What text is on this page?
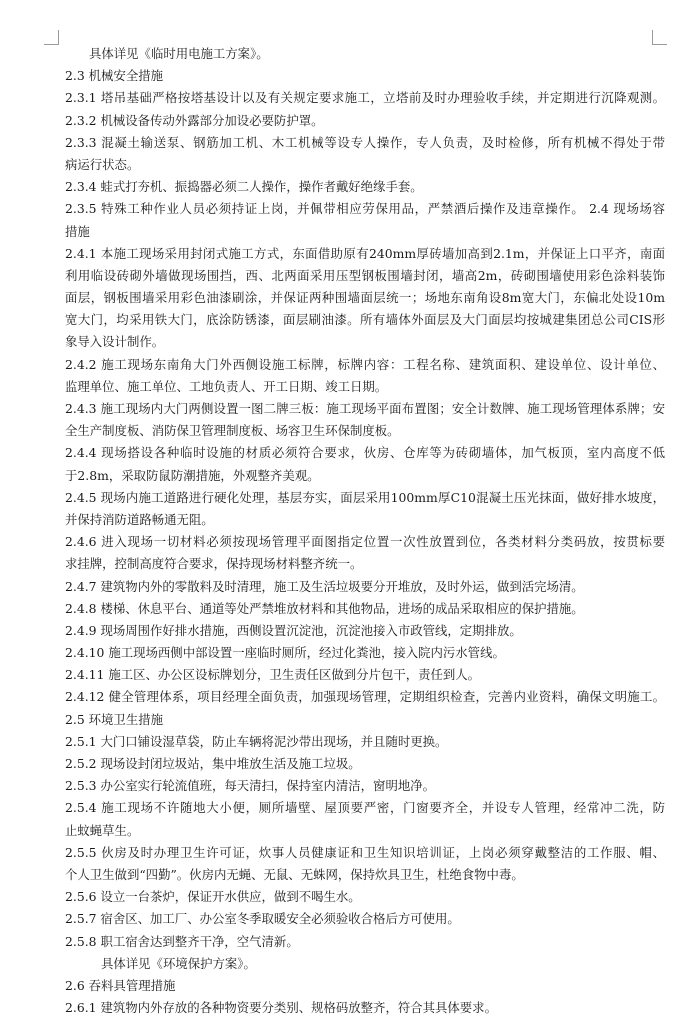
具体详见《临时用电施工方案》。
2.3 机械安全措施
2.3.1 塔吊基础严格按塔基设计以及有关规定要求施工，立塔前及时办理验收手续，并定期进行沉降观测。
2.3.2 机械设备传动外露部分加设必要防护罩。
2.3.3 混凝土输送泵、钢筋加工机、木工机械等设专人操作，专人负责，及时检修，所有机械不得处于带
病运行状态。
2.3.4 蛙式打夯机、振捣器必须二人操作，操作者戴好绝缘手套。
2.3.5 特殊工种作业人员必须持证上岗，并佩带相应劳保用品，严禁酒后操作及违章操作。 2.4 现场场容
措施
2.4.1 本施工现场采用封闭式施工方式，东面借助原有240mm厚砖墙加高到2.1m，并保证上口平齐，南面
利用临设砖砌外墙做现场围挡，西、北两面采用压型钢板围墙封闭，墙高2m，砖砌围墙使用彩色涂料装饰
面层，钢板围墙采用彩色油漆刷涂，并保证两种围墙面层统一；场地东南角设8m宽大门，东偏北处设10m
宽大门，均采用铁大门，底涂防锈漆，面层刷油漆。所有墙体外面层及大门面层均按城建集团总公司CIS形
象导入设计制作。
2.4.2 施工现场东南角大门外西侧设施工标牌，标牌内容：工程名称、建筑面积、建设单位、设计单位、
监理单位、施工单位、工地负责人、开工日期、竣工日期。
2.4.3 施工现场内大门两侧设置一图二牌三板：施工现场平面布置图；安全计数牌、施工现场管理体系牌；安
全生产制度板、消防保卫管理制度板、场容卫生环保制度板。
2.4.4 现场搭设各种临时设施的材质必须符合要求，伙房、仓库等为砖砌墙体，加气板顶，室内高度不低
于2.8m，采取防鼠防潮措施，外观整齐美观。
2.4.5 现场内施工道路进行硬化处理，基层夯实，面层采用100mm厚C10混凝土压光抹面，做好排水坡度，
并保持消防道路畅通无阻。
2.4.6 进入现场一切材料必须按现场管理平面图指定位置一次性放置到位，各类材料分类码放，按贯标要
求挂牌，控制高度符合要求，保持现场材料整齐统一。
2.4.7 建筑物内外的零散料及时清理，施工及生活垃圾要分开堆放，及时外运，做到活完场清。
2.4.8 楼梯、休息平台、通道等处严禁堆放材料和其他物品，进场的成品采取相应的保护措施。
2.4.9 现场周围作好排水措施，西侧设置沉淀池，沉淀池接入市政管线，定期排放。
2.4.10 施工现场西侧中部设置一座临时厕所，经过化粪池，接入院内污水管线。
2.4.11 施工区、办公区设标牌划分，卫生责任区做到分片包干，责任到人。
2.4.12 健全管理体系，项目经理全面负责，加强现场管理，定期组织检查，完善内业资料，确保文明施工。
2.5 环境卫生措施
2.5.1 大门口铺设湿草袋，防止车辆将泥沙带出现场，并且随时更换。
2.5.2 现场设封闭垃圾站，集中堆放生活及施工垃圾。
2.5.3 办公室实行轮流值班，每天清扫，保持室内清洁，窗明地净。
2.5.4 施工现场不许随地大小便，厕所墙壁、屋顶要严密，门窗要齐全，并设专人管理，经常冲二洗，防
止蚊蝇草生。
2.5.5 伙房及时办理卫生许可证，炊事人员健康证和卫生知识培训证，上岗必须穿戴整洁的工作服、帽、
个人卫生做到“四勤”。伙房内无蝇、无鼠、无蛛网，保持炊具卫生，杜绝食物中毒。
2.5.6 设立一台茶炉，保证开水供应，做到不喝生水。
2.5.7 宿舍区、加工厂、办公室冬季取暖安全必须验收合格后方可使用。
2.5.8 职工宿舍达到整齐干净，空气清新。
具体详见《环境保护方案》。
2.6 吞料具管理措施
2.6.1 建筑物内外存放的各种物资要分类别、规格码放整齐，符合其具体要求。
